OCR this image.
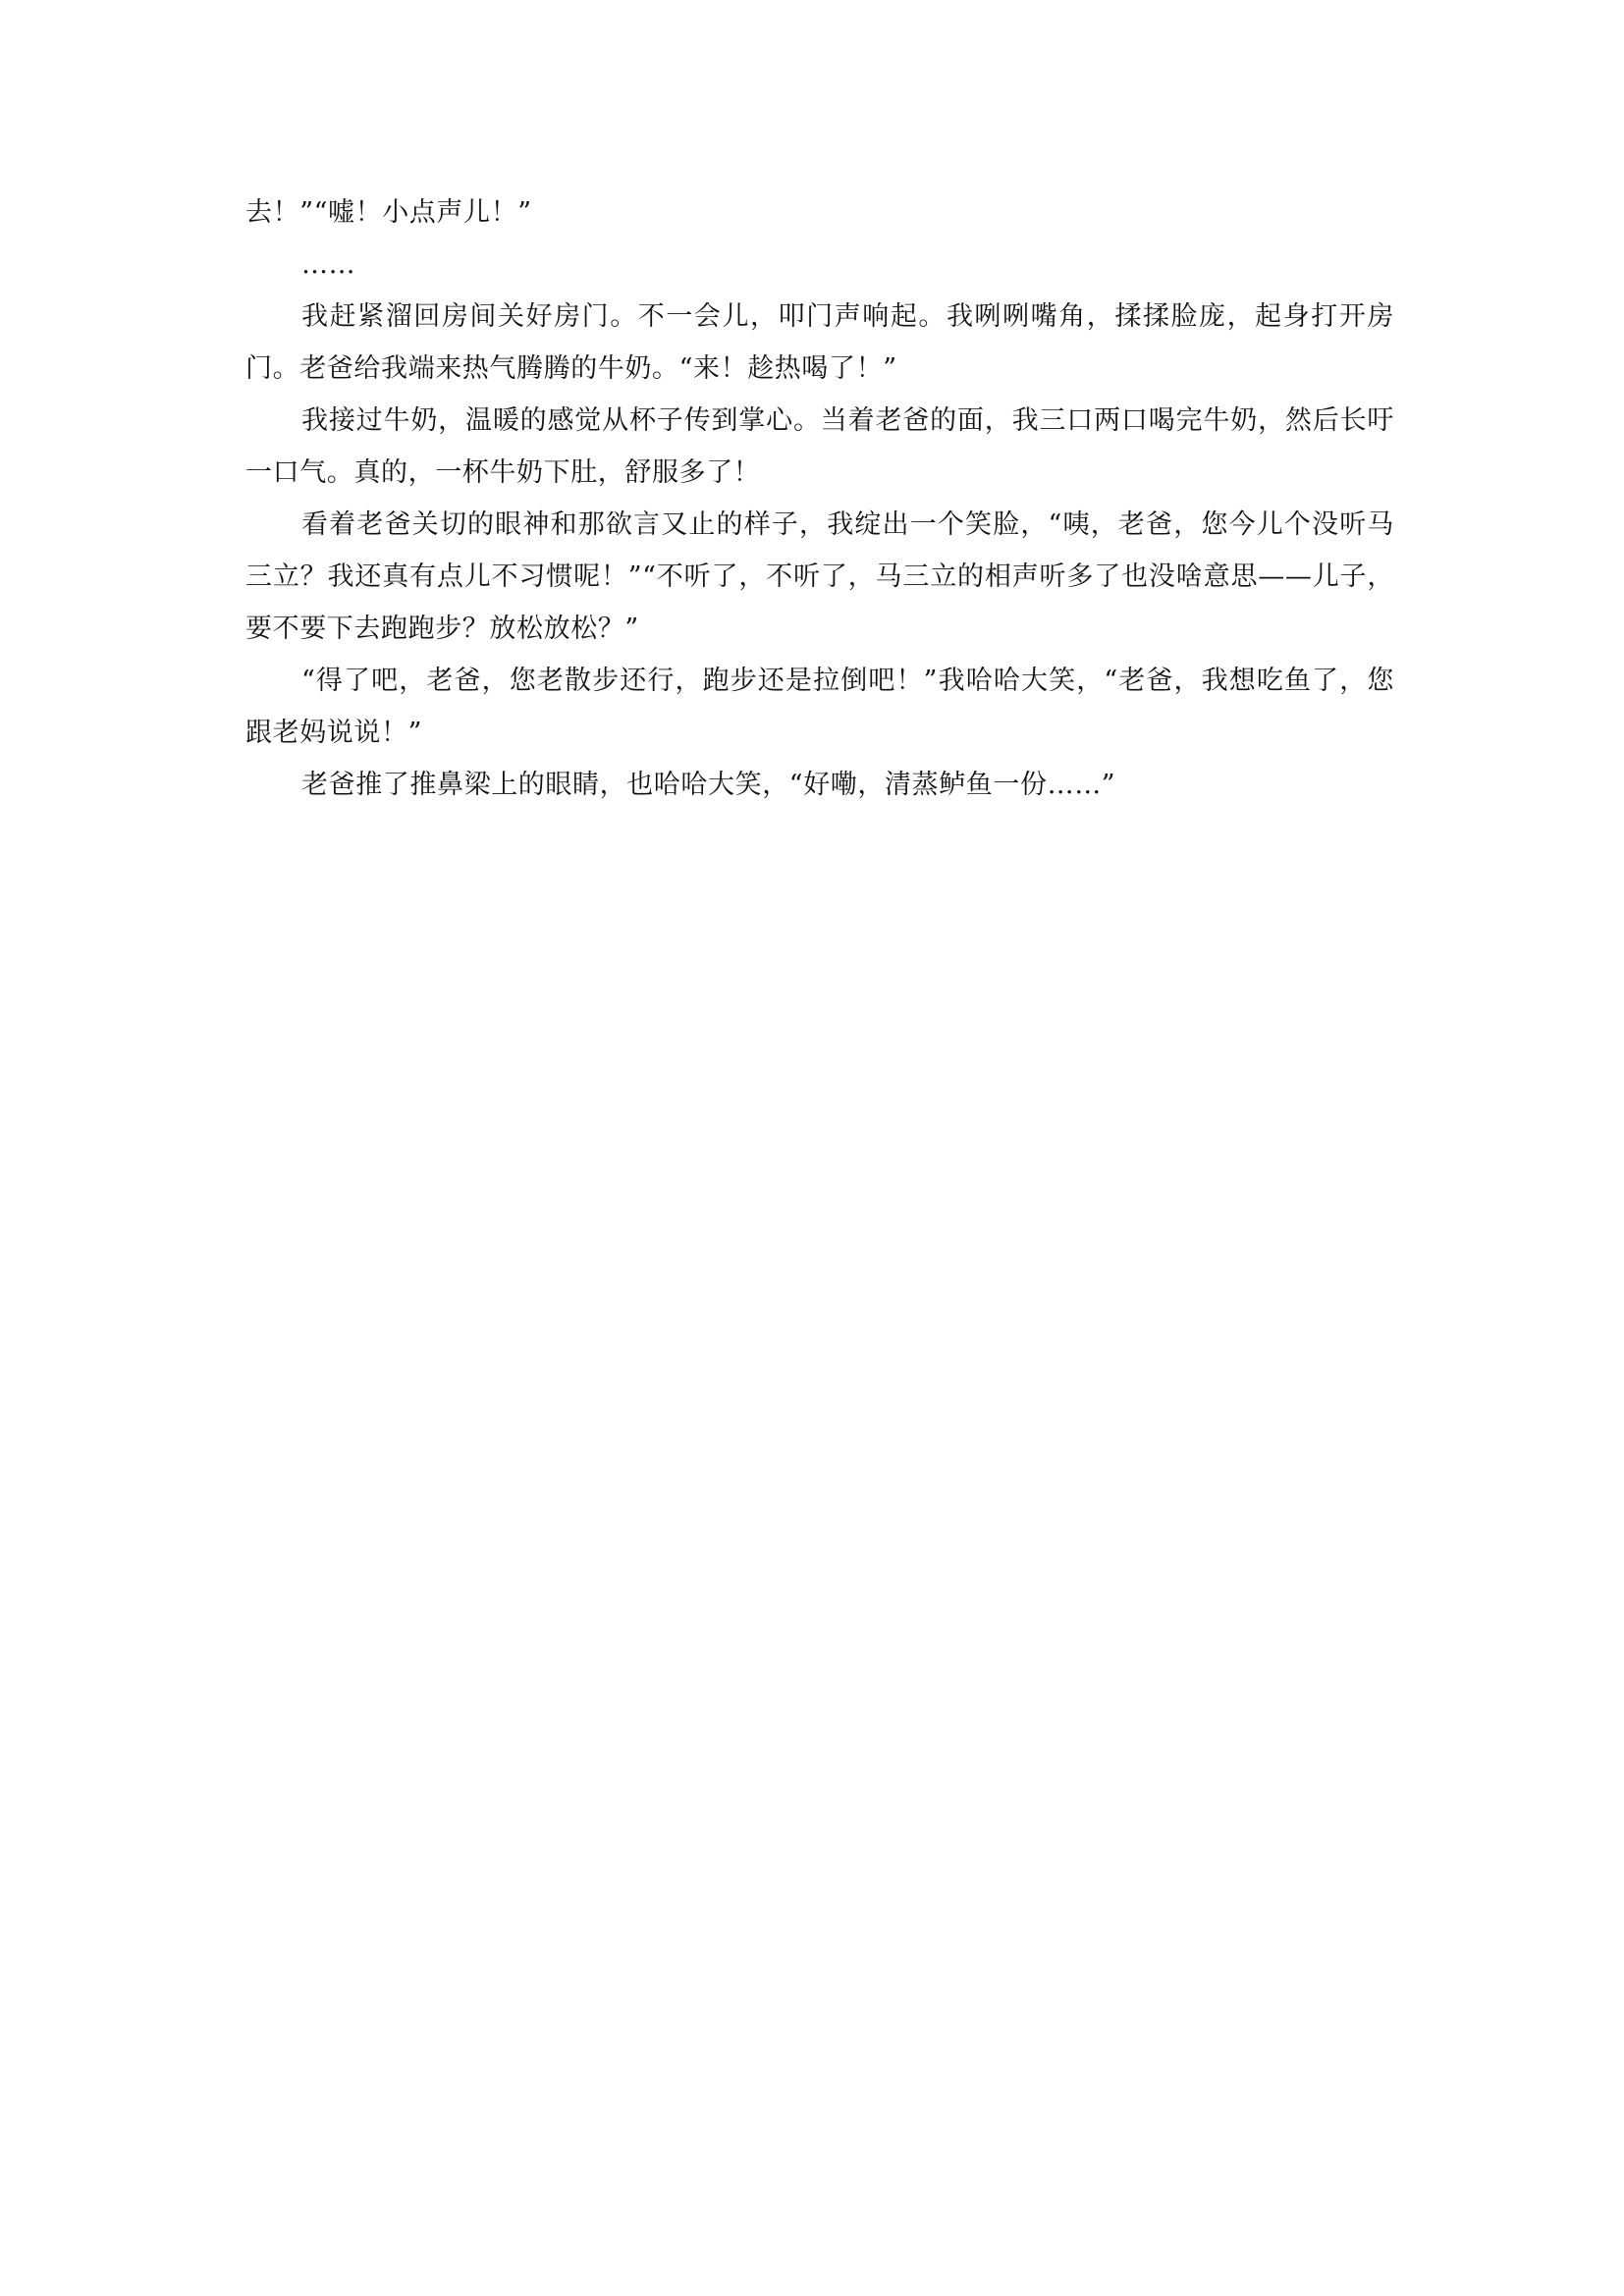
去！”“嘘！小点声儿！”

……

我赶紧溜回房间关好房门。不一会儿，叩门声响起。我咧咧嘴角，揉揉脸庞，起身打开房门。老爸给我端来热气腾腾的牛奶。“来！趁热喝了！”

我接过牛奶，温暖的感觉从杯子传到掌心。当着老爸的面，我三口两口喝完牛奶，然后长吁一口气。真的，一杯牛奶下肚，舒服多了！

看着老爸关切的眼神和那欲言又止的样子，我绽出一个笑脸，“咦，老爸，您今儿个没听马三立？我还真有点儿不习惯呢！”“不听了，不听了，马三立的相声听多了也没啥意思——儿子，要不要下去跑跑步？放松放松？”

“得了吧，老爸，您老散步还行，跑步还是拉倒吧！”我哈哈大笑，“老爸，我想吃鱼了，您跟老妈说说！”

老爸推了推鼻梁上的眼睛，也哈哈大笑，“好嘞，清蒸鲈鱼一份……”
